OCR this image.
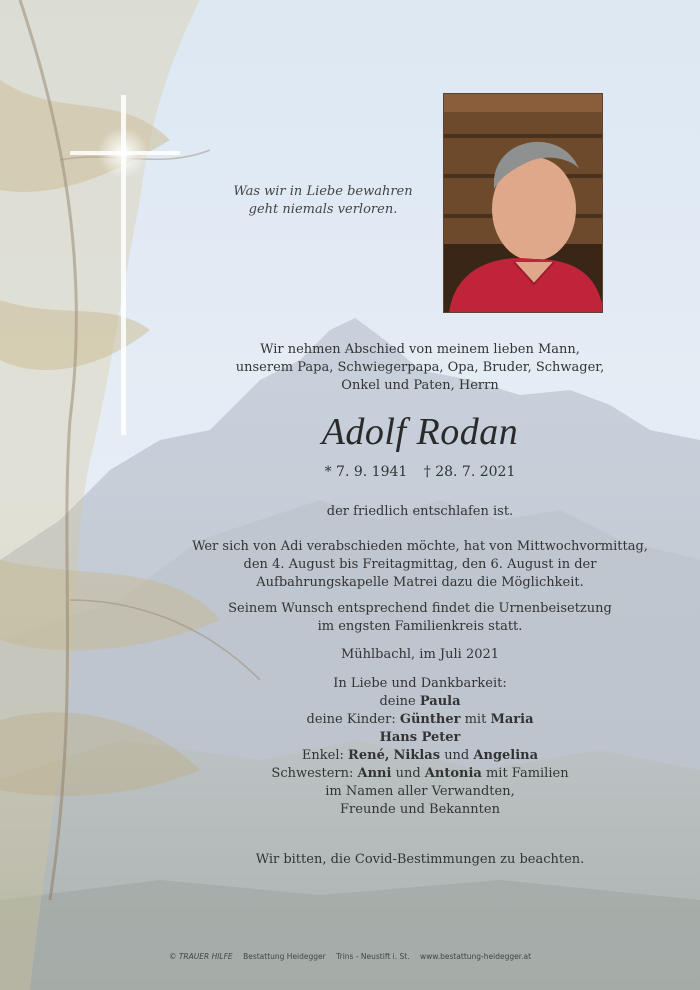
Was wir in Liebe bewahren
geht niemals verloren.
Wir nehmen Abschied von meinem lieben Mann,
unserem Papa, Schwiegerpapa, Opa, Bruder, Schwager,
Onkel und Paten, Herrn
Adolf Rodan
* 7. 9. 1941 † 28. 7. 2021
der friedlich entschlafen ist.
Wer sich von Adi verabschieden möchte, hat von Mittwochvormittag,
den 4. August bis Freitagmittag, den 6. August in der
Aufbahrungskapelle Matrei dazu die Möglichkeit.
Seinem Wunsch entsprechend findet die Urnenbeisetzung
im engsten Familienkreis statt.
Mühlbachl, im Juli 2021
In Liebe und Dankbarkeit:
deine Paula
deine Kinder: Günther mit Maria
Hans Peter
Enkel: René, Niklas und Angelina
Schwestern: Anni und Antonia mit Familien
im Namen aller Verwandten,
Freunde und Bekannten
Wir bitten, die Covid-Bestimmungen zu beachten.
© TRAUER HILFE Bestattung Heidegger Trins - Neustift i. St. www.bestattung-heidegger.at
